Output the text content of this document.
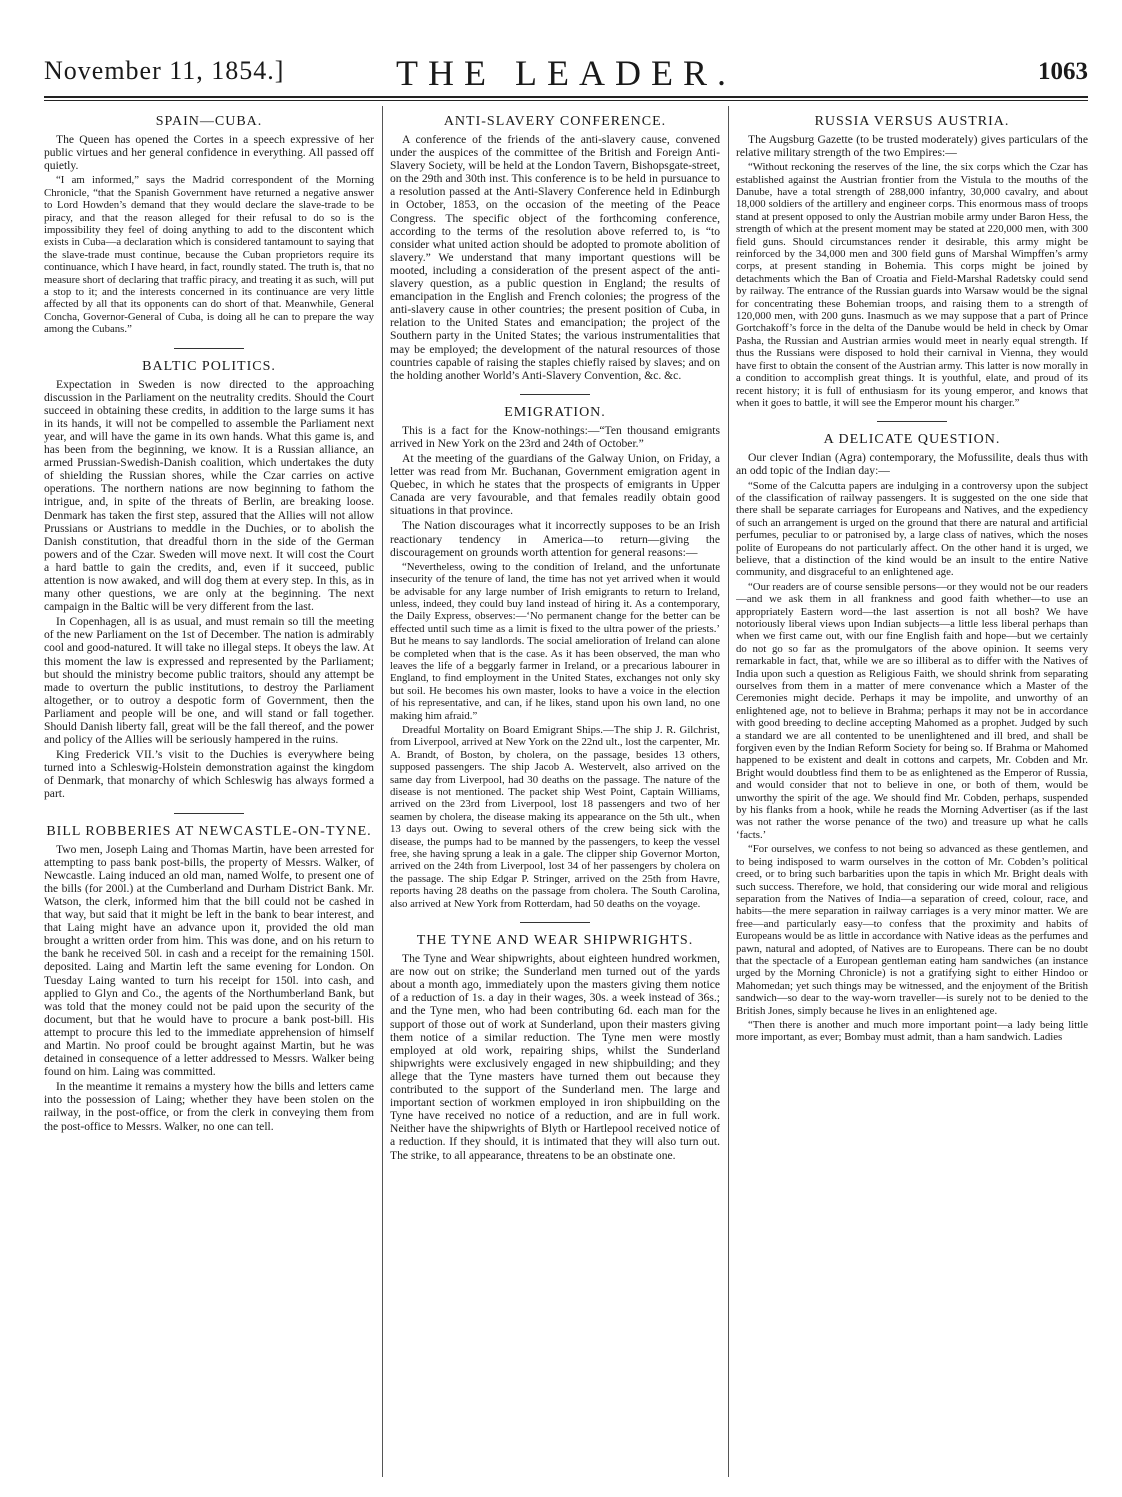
November 11, 1854.]	THE LEADER.	1063
SPAIN—CUBA.

The Queen has opened the Cortes in a speech expressive of her public virtues and her general confidence in everything. All passed off quietly.

“I am informed,” says the Madrid correspondent of the Morning Chronicle, “that the Spanish Government have returned a negative answer to Lord Howden’s demand that they would declare the slave-trade to be piracy, and that the reason alleged for their refusal to do so is the impossibility they feel of doing anything to add to the discontent which exists in Cuba—a declaration which is considered tantamount to saying that the slave-trade must continue, because the Cuban proprietors require its continuance, which I have heard, in fact, roundly stated. The truth is, that no measure short of declaring that traffic piracy, and treating it as such, will put a stop to it; and the interests concerned in its continuance are very little affected by all that its opponents can do short of that. Meanwhile, General Concha, Governor-General of Cuba, is doing all he can to prepare the way among the Cubans.”

BALTIC POLITICS.

Expectation in Sweden is now directed to the approaching discussion in the Parliament on the neutrality credits. Should the Court succeed in obtaining these credits, in addition to the large sums it has in its hands, it will not be compelled to assemble the Parliament next year, and will have the game in its own hands. What this game is, and has been from the beginning, we know. It is a Russian alliance, an armed Prussian-Swedish-Danish coalition, which undertakes the duty of shielding the Russian shores, while the Czar carries on active operations. The northern nations are now beginning to fathom the intrigue, and, in spite of the threats of Berlin, are breaking loose. Denmark has taken the first step, assured that the Allies will not allow Prussians or Austrians to meddle in the Duchies, or to abolish the Danish constitution, that dreadful thorn in the side of the German powers and of the Czar. Sweden will move next. It will cost the Court a hard battle to gain the credits, and, even if it succeed, public attention is now awaked, and will dog them at every step. In this, as in many other questions, we are only at the beginning. The next campaign in the Baltic will be very different from the last.

In Copenhagen, all is as usual, and must remain so till the meeting of the new Parliament on the 1st of December. The nation is admirably cool and good-natured. It will take no illegal steps. It obeys the law. At this moment the law is expressed and represented by the Parliament; but should the ministry become public traitors, should any attempt be made to overturn the public institutions, to destroy the Parliament altogether, or to outroy a despotic form of Government, then the Parliament and people will be one, and will stand or fall together. Should Danish liberty fall, great will be the fall thereof, and the power and policy of the Allies will be seriously hampered in the ruins.

King Frederick VII.’s visit to the Duchies is everywhere being turned into a Schleswig-Holstein demonstration against the kingdom of Denmark, that monarchy of which Schleswig has always formed a part.

BILL ROBBERIES AT NEWCASTLE-ON-TYNE.

Two men, Joseph Laing and Thomas Martin, have been arrested for attempting to pass bank post-bills, the property of Messrs. Walker, of Newcastle. Laing induced an old man, named Wolfe, to present one of the bills (for 200l.) at the Cumberland and Durham District Bank. Mr. Watson, the clerk, informed him that the bill could not be cashed in that way, but said that it might be left in the bank to bear interest, and that Laing might have an advance upon it, provided the old man brought a written order from him. This was done, and on his return to the bank he received 50l. in cash and a receipt for the remaining 150l. deposited. Laing and Martin left the same evening for London. On Tuesday Laing wanted to turn his receipt for 150l. into cash, and applied to Glyn and Co., the agents of the Northumberland Bank, but was told that the money could not be paid upon the security of the document, but that he would have to procure a bank post-bill. His attempt to procure this led to the immediate apprehension of himself and Martin. No proof could be brought against Martin, but he was detained in consequence of a letter addressed to Messrs. Walker being found on him. Laing was committed.

In the meantime it remains a mystery how the bills and letters came into the possession of Laing; whether they have been stolen on the railway, in the post-office, or from the clerk in conveying them from the post-office to Messrs. Walker, no one can tell.

ANTI-SLAVERY CONFERENCE.

A conference of the friends of the anti-slavery cause, convened under the auspices of the committee of the British and Foreign Anti-Slavery Society, will be held at the London Tavern, Bishopsgate-street, on the 29th and 30th inst. This conference is to be held in pursuance to a resolution passed at the Anti-Slavery Conference held in Edinburgh in October, 1853, on the occasion of the meeting of the Peace Congress. The specific object of the forthcoming conference, according to the terms of the resolution above referred to, is “to consider what united action should be adopted to promote abolition of slavery.” We understand that many important questions will be mooted, including a consideration of the present aspect of the anti-slavery question, as a public question in England; the results of emancipation in the English and French colonies; the progress of the anti-slavery cause in other countries; the present position of Cuba, in relation to the United States and emancipation; the project of the Southern party in the United States; the various instrumentalities that may be employed; the development of the natural resources of those countries capable of raising the staples chiefly raised by slaves; and on the holding another World’s Anti-Slavery Convention, &c. &c.

EMIGRATION.

This is a fact for the Know-nothings:—“Ten thousand emigrants arrived in New York on the 23rd and 24th of October.”

At the meeting of the guardians of the Galway Union, on Friday, a letter was read from Mr. Buchanan, Government emigration agent in Quebec, in which he states that the prospects of emigrants in Upper Canada are very favourable, and that females readily obtain good situations in that province.

The Nation discourages what it incorrectly supposes to be an Irish reactionary tendency in America—to return—giving the discouragement on grounds worth attention for general reasons:—

“Nevertheless, owing to the condition of Ireland, and the unfortunate insecurity of the tenure of land, the time has not yet arrived when it would be advisable for any large number of Irish emigrants to return to Ireland, unless, indeed, they could buy land instead of hiring it. As a contemporary, the Daily Express, observes:—‘No permanent change for the better can be effected until such time as a limit is fixed to the ultra power of the priests.’ But he means to say landlords. The social amelioration of Ireland can alone be completed when that is the case. As it has been observed, the man who leaves the life of a beggarly farmer in Ireland, or a precarious labourer in England, to find employment in the United States, exchanges not only sky but soil. He becomes his own master, looks to have a voice in the election of his representative, and can, if he likes, stand upon his own land, no one making him afraid.”

Dreadful Mortality on Board Emigrant Ships.—The ship J. R. Gilchrist, from Liverpool, arrived at New York on the 22nd ult., lost the carpenter, Mr. A. Brandt, of Boston, by cholera, on the passage, besides 13 others, supposed passengers. The ship Jacob A. Westervelt, also arrived on the same day from Liverpool, had 30 deaths on the passage. The nature of the disease is not mentioned. The packet ship West Point, Captain Williams, arrived on the 23rd from Liverpool, lost 18 passengers and two of her seamen by cholera, the disease making its appearance on the 5th ult., when 13 days out. Owing to several others of the crew being sick with the disease, the pumps had to be manned by the passengers, to keep the vessel free, she having sprung a leak in a gale. The clipper ship Governor Morton, arrived on the 24th from Liverpool, lost 34 of her passengers by cholera on the passage. The ship Edgar P. Stringer, arrived on the 25th from Havre, reports having 28 deaths on the passage from cholera. The South Carolina, also arrived at New York from Rotterdam, had 50 deaths on the voyage.

THE TYNE AND WEAR SHIPWRIGHTS.

The Tyne and Wear shipwrights, about eighteen hundred workmen, are now out on strike; the Sunderland men turned out of the yards about a month ago, immediately upon the masters giving them notice of a reduction of 1s. a day in their wages, 30s. a week instead of 36s.; and the Tyne men, who had been contributing 6d. each man for the support of those out of work at Sunderland, upon their masters giving them notice of a similar reduction. The Tyne men were mostly employed at old work, repairing ships, whilst the Sunderland shipwrights were exclusively engaged in new shipbuilding; and they allege that the Tyne masters have turned them out because they contributed to the support of the Sunderland men. The large and important section of workmen employed in iron shipbuilding on the Tyne have received no notice of a reduction, and are in full work. Neither have the shipwrights of Blyth or Hartlepool received notice of a reduction. If they should, it is intimated that they will also turn out. The strike, to all appearance, threatens to be an obstinate one.

RUSSIA VERSUS AUSTRIA.

The Augsburg Gazette (to be trusted moderately) gives particulars of the relative military strength of the two Empires:—

“Without reckoning the reserves of the line, the six corps which the Czar has established against the Austrian frontier from the Vistula to the mouths of the Danube, have a total strength of 288,000 infantry, 30,000 cavalry, and about 18,000 soldiers of the artillery and engineer corps. This enormous mass of troops stand at present opposed to only the Austrian mobile army under Baron Hess, the strength of which at the present moment may be stated at 220,000 men, with 300 field guns. Should circumstances render it desirable, this army might be reinforced by the 34,000 men and 300 field guns of Marshal Wimpffen’s army corps, at present standing in Bohemia. This corps might be joined by detachments which the Ban of Croatia and Field-Marshal Radetsky could send by railway. The entrance of the Russian guards into Warsaw would be the signal for concentrating these Bohemian troops, and raising them to a strength of 120,000 men, with 200 guns. Inasmuch as we may suppose that a part of Prince Gortchakoff’s force in the delta of the Danube would be held in check by Omar Pasha, the Russian and Austrian armies would meet in nearly equal strength. If thus the Russians were disposed to hold their carnival in Vienna, they would have first to obtain the consent of the Austrian army. This latter is now morally in a condition to accomplish great things. It is youthful, elate, and proud of its recent history; it is full of enthusiasm for its young emperor, and knows that when it goes to battle, it will see the Emperor mount his charger.”

A DELICATE QUESTION.

Our clever Indian (Agra) contemporary, the Mofussilite, deals thus with an odd topic of the Indian day:—

“Some of the Calcutta papers are indulging in a controversy upon the subject of the classification of railway passengers. It is suggested on the one side that there shall be separate carriages for Europeans and Natives, and the expediency of such an arrangement is urged on the ground that there are natural and artificial perfumes, peculiar to or patronised by, a large class of natives, which the noses polite of Europeans do not particularly affect. On the other hand it is urged, we believe, that a distinction of the kind would be an insult to the entire Native community, and disgraceful to an enlightened age.

“Our readers are of course sensible persons—or they would not be our readers—and we ask them in all frankness and good faith whether—to use an appropriately Eastern word—the last assertion is not all bosh? We have notoriously liberal views upon Indian subjects—a little less liberal perhaps than when we first came out, with our fine English faith and hope—but we certainly do not go so far as the promulgators of the above opinion. It seems very remarkable in fact, that, while we are so illiberal as to differ with the Natives of India upon such a question as Religious Faith, we should shrink from separating ourselves from them in a matter of mere convenance which a Master of the Ceremonies might decide. Perhaps it may be impolite, and unworthy of an enlightened age, not to believe in Brahma; perhaps it may not be in accordance with good breeding to decline accepting Mahomed as a prophet. Judged by such a standard we are all contented to be unenlightened and ill bred, and shall be forgiven even by the Indian Reform Society for being so. If Brahma or Mahomed happened to be existent and dealt in cottons and carpets, Mr. Cobden and Mr. Bright would doubtless find them to be as enlightened as the Emperor of Russia, and would consider that not to believe in one, or both of them, would be unworthy the spirit of the age. We should find Mr. Cobden, perhaps, suspended by his flanks from a hook, while he reads the Morning Advertiser (as if the last was not rather the worse penance of the two) and treasure up what he calls ‘facts.’

“For ourselves, we confess to not being so advanced as these gentlemen, and to being indisposed to warm ourselves in the cotton of Mr. Cobden’s political creed, or to bring such barbarities upon the tapis in which Mr. Bright deals with such success. Therefore, we hold, that considering our wide moral and religious separation from the Natives of India—a separation of creed, colour, race, and habits—the mere separation in railway carriages is a very minor matter. We are free—and particularly easy—to confess that the proximity and habits of Europeans would be as little in accordance with Native ideas as the perfumes and pawn, natural and adopted, of Natives are to Europeans. There can be no doubt that the spectacle of a European gentleman eating ham sandwiches (an instance urged by the Morning Chronicle) is not a gratifying sight to either Hindoo or Mahomedan; yet such things may be witnessed, and the enjoyment of the British sandwich—so dear to the way-worn traveller—is surely not to be denied to the British Jones, simply because he lives in an enlightened age.

“Then there is another and much more important point—a lady being little more important, as ever; Bombay must admit, than a ham sandwich. Ladies
